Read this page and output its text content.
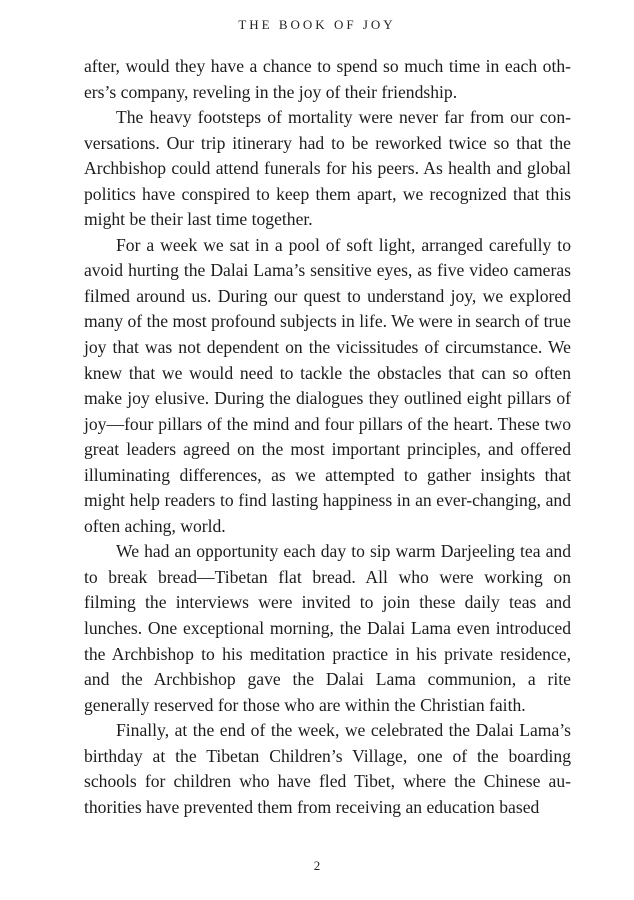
THE BOOK OF JOY

after, would they have a chance to spend so much time in each others’s company, reveling in the joy of their friendship.

The heavy footsteps of mortality were never far from our conversations. Our trip itinerary had to be reworked twice so that the Archbishop could attend funerals for his peers. As health and global politics have conspired to keep them apart, we recognized that this might be their last time together.

For a week we sat in a pool of soft light, arranged carefully to avoid hurting the Dalai Lama’s sensitive eyes, as five video cameras filmed around us. During our quest to understand joy, we explored many of the most profound subjects in life. We were in search of true joy that was not dependent on the vicissitudes of circumstance. We knew that we would need to tackle the obstacles that can so often make joy elusive. During the dialogues they outlined eight pillars of joy—four pillars of the mind and four pillars of the heart. These two great leaders agreed on the most important principles, and offered illuminating differences, as we attempted to gather insights that might help readers to find lasting happiness in an ever-changing, and often aching, world.

We had an opportunity each day to sip warm Darjeeling tea and to break bread—Tibetan flat bread. All who were working on filming the interviews were invited to join these daily teas and lunches. One exceptional morning, the Dalai Lama even introduced the Archbishop to his meditation practice in his private residence, and the Archbishop gave the Dalai Lama communion, a rite generally reserved for those who are within the Christian faith.

Finally, at the end of the week, we celebrated the Dalai Lama’s birthday at the Tibetan Children’s Village, one of the boarding schools for children who have fled Tibet, where the Chinese authorities have prevented them from receiving an education based

2
